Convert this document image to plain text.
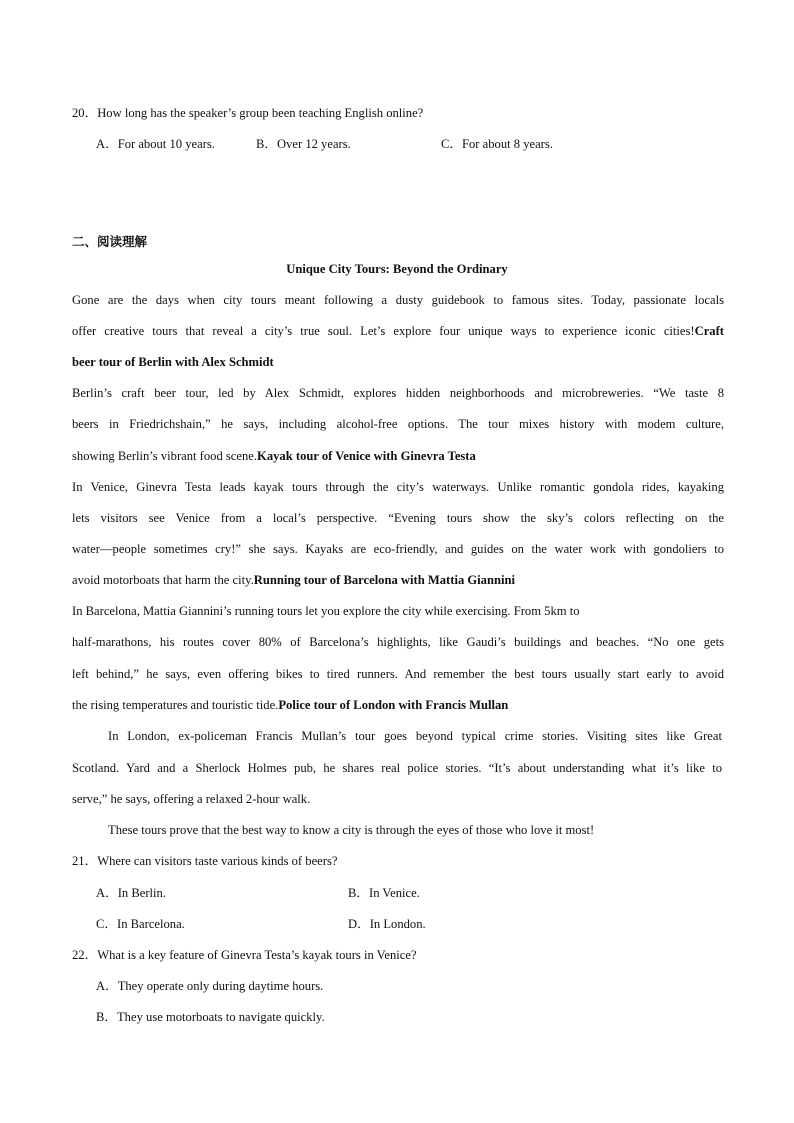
20．How long has the speaker’s group been teaching English online?
A．For about 10 years.	B．Over 12 years.	C．For about 8 years.
二、阅读理解
Unique City Tours: Beyond the Ordinary
Gone are the days when city tours meant following a dusty guidebook to famous sites. Today, passionate locals
offer creative tours that reveal a city’s true soul. Let’s explore four unique ways to experience iconic cities!Craft
beer tour of Berlin with Alex Schmidt
Berlin’s craft beer tour, led by Alex Schmidt, explores hidden neighborhoods and microbreweries. “We taste 8
beers in Friedrichshain,” he says, including alcohol-free options. The tour mixes history with modem culture,
showing Berlin’s vibrant food scene.Kayak tour of Venice with Ginevra Testa
In Venice, Ginevra Testa leads kayak tours through the city’s waterways. Unlike romantic gondola rides, kayaking
lets visitors see Venice from a local’s perspective. “Evening tours show the sky’s colors reflecting on the
water—people sometimes cry!” she says. Kayaks are eco-friendly, and guides on the water work with gondoliers to
avoid motorboats that harm the city.Running tour of Barcelona with Mattia Giannini
In Barcelona, Mattia Giannini’s running tours let you explore the city while exercising. From 5km to
half-marathons, his routes cover 80% of Barcelona’s highlights, like Gaudi’s buildings and beaches. “No one gets
left behind,” he says, even offering bikes to tired runners. And remember the best tours usually start early to avoid
the rising temperatures and touristic tide.Police tour of London with Francis Mullan
In London, ex-policeman Francis Mullan’s tour goes beyond typical crime stories. Visiting sites like Great
Scotland. Yard and a Sherlock Holmes pub, he shares real police stories. “It’s about understanding what it’s like to
serve,” he says, offering a relaxed 2-hour walk.
These tours prove that the best way to know a city is through the eyes of those who love it most!
21．Where can visitors taste various kinds of beers?
A．In Berlin.	B．In Venice.
C．In Barcelona.	D．In London.
22．What is a key feature of Ginevra Testa’s kayak tours in Venice?
A．They operate only during daytime hours.
B．They use motorboats to navigate quickly.
